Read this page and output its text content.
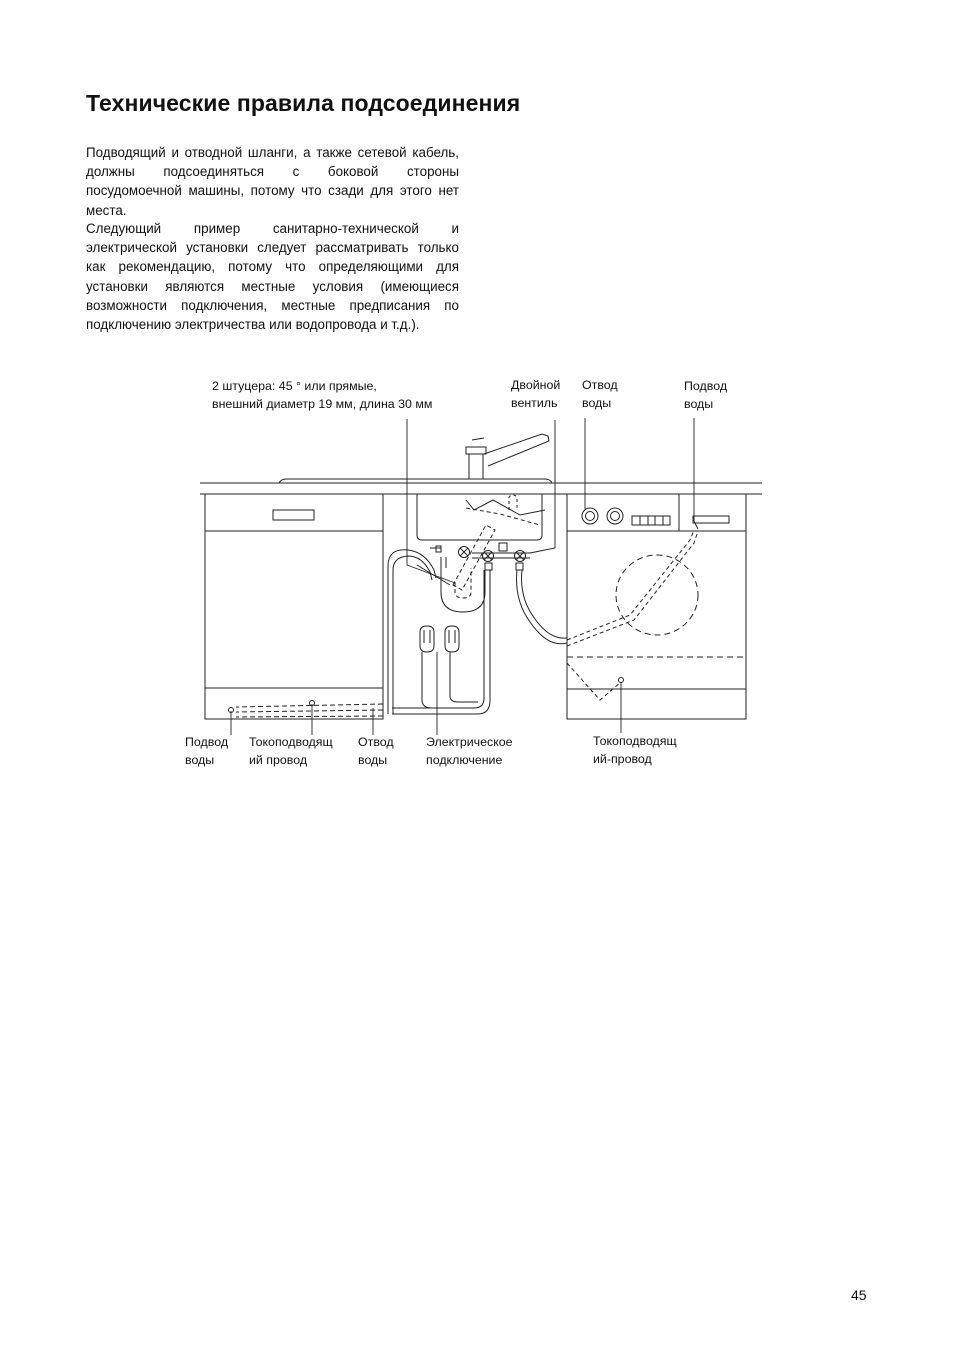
Технические правила подсоединения

Подводящий и отводной шланги, а также сетевой кабель, должны подсоединяться с боковой стороны посудомоечной машины, потому что сзади для этого нет места.

Следующий пример санитарно-технической и электрической установки следует рассматривать только как рекомендацию, потому что определяющими для установки являются местные условия (имеющиеся возможности подключения, местные предписания по подключению электричества или водопровода и т.д.).

2 штуцера: 45 ° или прямые,
внешний диаметр 19 мм, длина 30 мм
Двойной
вентиль
Отвод
воды
Подвод
воды
Подвод
воды
Токоподводящ
ий провод
Отвод
воды
Электрическое
подключение
Токоподводящ
ий-провод
45
